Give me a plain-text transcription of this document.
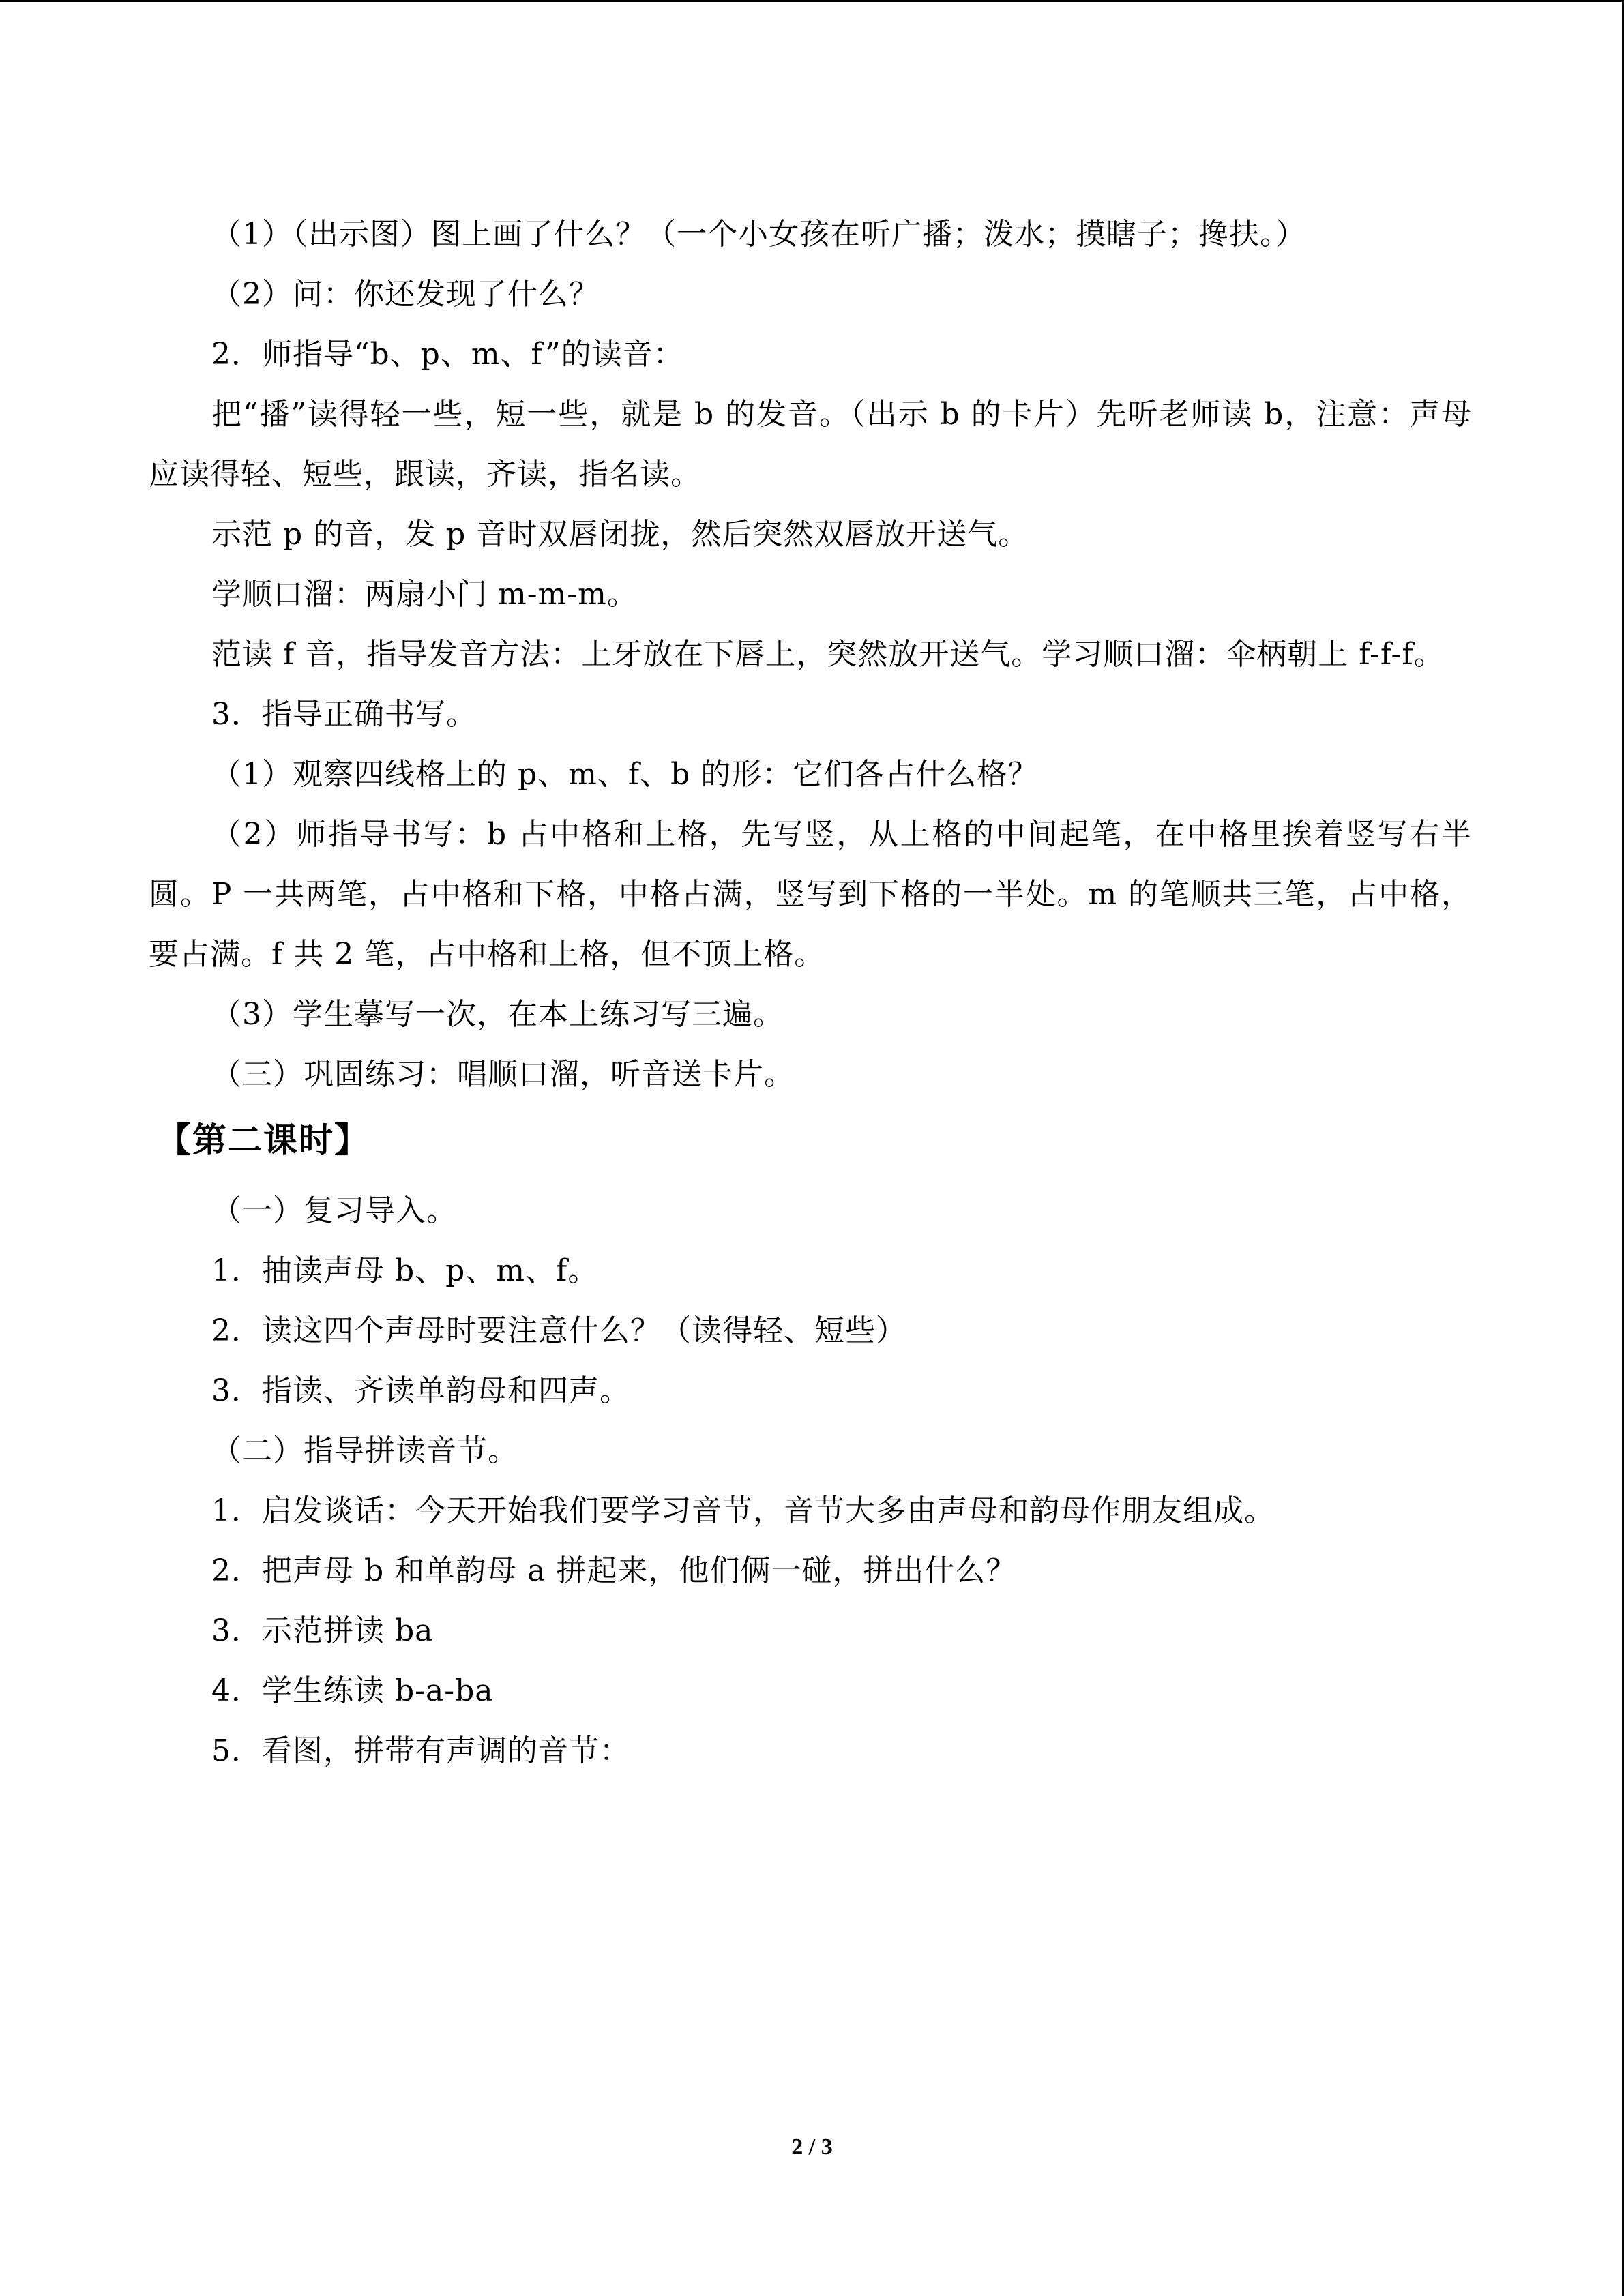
（1）（出示图）图上画了什么？（一个小女孩在听广播；泼水；摸瞎子；搀扶。）

（2）问：你还发现了什么？

2．师指导“b、p、m、f”的读音：

把“播”读得轻一些，短一些，就是 b 的发音。（出示 b 的卡片）先听老师读 b，注意：声母应读得轻、短些，跟读，齐读，指名读。

示范 p 的音，发 p 音时双唇闭拢，然后突然双唇放开送气。

学顺口溜：两扇小门 m-m-m。

范读 f 音，指导发音方法：上牙放在下唇上，突然放开送气。学习顺口溜：伞柄朝上 f-f-f。

3．指导正确书写。

（1）观察四线格上的 p、m、f、b 的形：它们各占什么格？

（2）师指导书写：b 占中格和上格，先写竖，从上格的中间起笔，在中格里挨着竖写右半圆。P 一共两笔，占中格和下格，中格占满，竖写到下格的一半处。m 的笔顺共三笔，占中格，要占满。f 共 2 笔，占中格和上格，但不顶上格。

（3）学生摹写一次，在本上练习写三遍。

（三）巩固练习：唱顺口溜，听音送卡片。

【第二课时】

（一）复习导入。

1．抽读声母 b、p、m、f。

2．读这四个声母时要注意什么？（读得轻、短些）

3．指读、齐读单韵母和四声。

（二）指导拼读音节。

1．启发谈话：今天开始我们要学习音节，音节大多由声母和韵母作朋友组成。

2．把声母 b 和单韵母 a 拼起来，他们俩一碰，拼出什么？

3．示范拼读 ba

4．学生练读 b-a-ba

5．看图，拼带有声调的音节：

2 / 3
